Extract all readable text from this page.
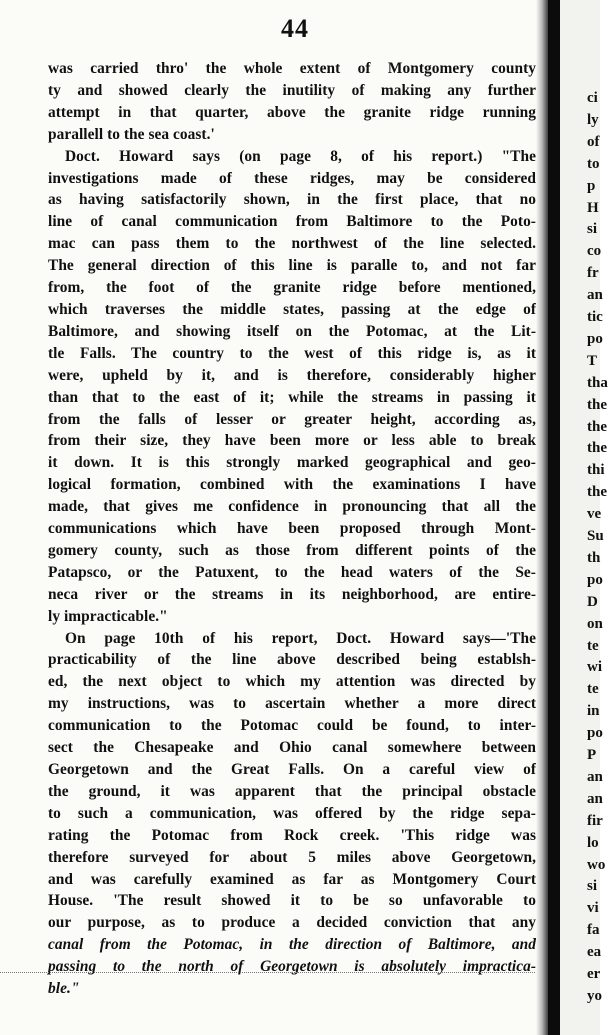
44
was carried thro' the whole extent of Montgomery county
ty and showed clearly the inutility of making any further
attempt in that quarter, above the granite ridge running
parallell to the sea coast.'
Doct. Howard says (on page 8, of his report.) "The
investigations made of these ridges, may be considered
as having satisfactorily shown, in the first place, that no
line of canal communication from Baltimore to the Poto-
mac can pass them to the northwest of the line selected.
The general direction of this line is paralle to, and not far
from, the foot of the granite ridge before mentioned,
which traverses the middle states, passing at the edge of
Baltimore, and showing itself on the Potomac, at the Lit-
tle Falls. The country to the west of this ridge is, as it
were, upheld by it, and is therefore, considerably higher
than that to the east of it; while the streams in passing it
from the falls of lesser or greater height, according as,
from their size, they have been more or less able to break
it down. It is this strongly marked geographical and geo-
logical formation, combined with the examinations I have
made, that gives me confidence in pronouncing that all the
communications which have been proposed through Mont-
gomery county, such as those from different points of the
Patapsco, or the Patuxent, to the head waters of the Se-
neca river or the streams in its neighborhood, are entire-
ly impracticable."
On page 10th of his report, Doct. Howard says—'The
practicability of the line above described being establsh-
ed, the next object to which my attention was directed by
my instructions, was to ascertain whether a more direct
communication to the Potomac could be found, to inter-
sect the Chesapeake and Ohio canal somewhere between
Georgetown and the Great Falls. On a careful view of
the ground, it was apparent that the principal obstacle
to such a communication, was offered by the ridge sepa-
rating the Potomac from Rock creek. 'This ridge was
therefore surveyed for about 5 miles above Georgetown,
and was carefully examined as far as Montgomery Court
House. 'The result showed it to be so unfavorable to
our purpose, as to produce a decided conviction that any
canal from the Potomac, in the direction of Baltimore, and
passing to the north of Georgetown is absolutely impractica-
ble."
ci
ly
of
to
p
H
si
co
fr
an
tic
po
T
tha
the
the
the
thi
the
ve
Su
th
po
D
on
te
wi
te
in
po
P
an
an
fir
lo
wo
si
vi
fa
ea
er
yo
